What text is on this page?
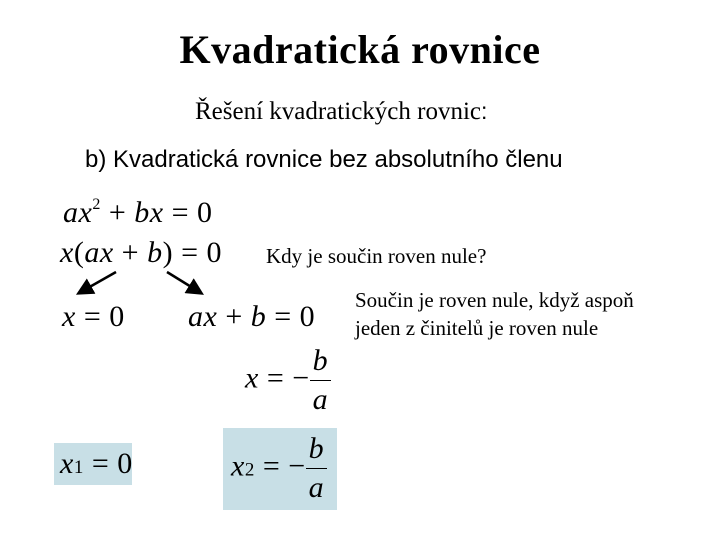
Kvadratická rovnice
Řešení kvadratických rovnic:
b) Kvadratická rovnice bez absolutního členu
$ax^2$ + bx = 0
x(ax + b) = 0 Kdy je součin roven nule?
x = 0 ax + b = 0 Součin je roven nule, když aspoň
jeden z činitelů je roven nule
x = − $\frac{b}{a}$
x1 = 0	x2 = − $\frac{b}{a}$
